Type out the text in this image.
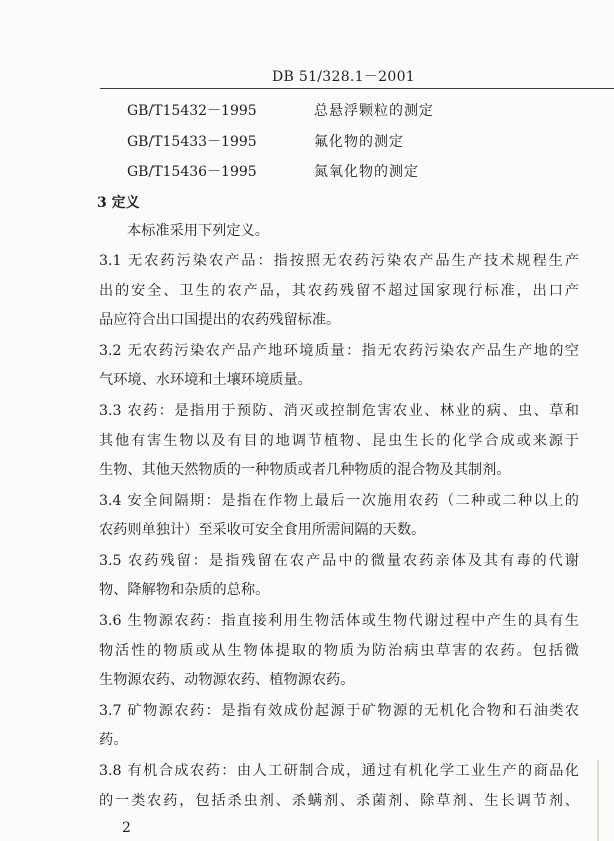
DB 51/328.1－2001
GB/T15432－1995	总悬浮颗粒的测定
GB/T15433－1995	氟化物的测定
GB/T15436－1995	氮氧化物的测定
3 定义
本标准采用下列定义。
3.1 无农药污染农产品：指按照无农药污染农产品生产技术规程生产
出的安全、卫生的农产品，其农药残留不超过国家现行标准，出口产
品应符合出口国提出的农药残留标准。
3.2 无农药污染农产品产地环境质量：指无农药污染农产品生产地的空
气环境、水环境和土壤环境质量。
3.3 农药：是指用于预防、消灭或控制危害农业、林业的病、虫、草和
其他有害生物以及有目的地调节植物、昆虫生长的化学合成或来源于
生物、其他天然物质的一种物质或者几种物质的混合物及其制剂。
3.4 安全间隔期：是指在作物上最后一次施用农药（二种或二种以上的
农药则单独计）至采收可安全食用所需间隔的天数。
3.5 农药残留：是指残留在农产品中的微量农药亲体及其有毒的代谢
物、降解物和杂质的总称。
3.6 生物源农药：指直接利用生物活体或生物代谢过程中产生的具有生
物活性的物质或从生物体提取的物质为防治病虫草害的农药。包括微
生物源农药、动物源农药、植物源农药。
3.7 矿物源农药：是指有效成份起源于矿物源的无机化合物和石油类农
药。
3.8 有机合成农药：由人工研制合成，通过有机化学工业生产的商品化
的一类农药，包括杀虫剂、杀螨剂、杀菌剂、除草剂、生长调节剂、
2
